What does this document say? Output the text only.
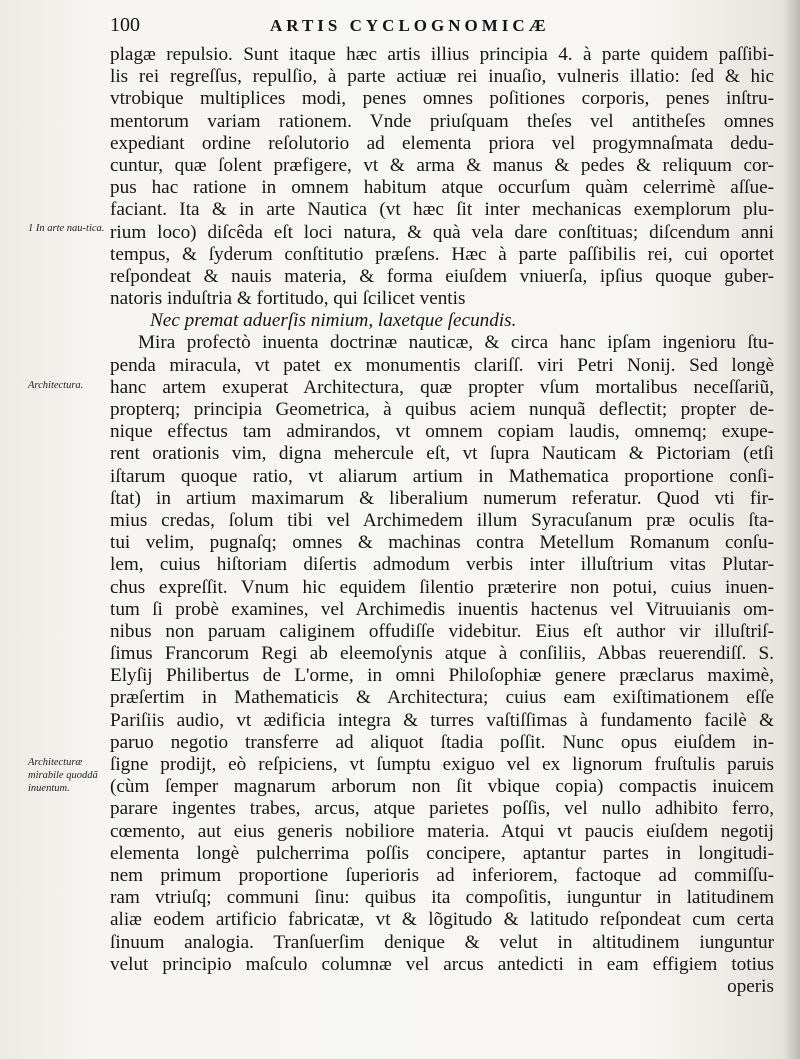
100	ARTIS CYCLOGNOMICÆ
1 In arte nau-tica.
Architectura.
Architecturæ mirabile quoddã inuentum.
plagæ repulsio. Sunt itaque hæc artis illius principia 4. à parte quidem paſſibi-
lis rei regreſſus, repulſio, à parte actiuæ rei inuaſio, vulneris illatio: ſed & hic
vtrobique multiplices modi, penes omnes poſitiones corporis, penes inſtru-
mentorum variam rationem. Vnde priuſquam theſes vel antitheſes omnes
expediant ordine reſolutorio ad elementa priora vel progymnaſmata dedu-
cuntur, quæ ſolent præfigere, vt & arma & manus & pedes & reliquum cor-
pus hac ratione in omnem habitum atque occurſum quàm celerrimè aſſue-
faciant. Ita & in arte Nautica (vt hæc ſit inter mechanicas exemplorum plu-
rium loco) diſcêda eſt loci natura, & quà vela dare conſtituas; diſcendum anni
tempus, & ſyderum conſtitutio præſens. Hæc à parte paſſibilis rei, cui oportet
reſpondeat & nauis materia, & forma eiuſdem vniuerſa, ipſius quoque guber-
natoris induſtria & fortitudo, qui ſcilicet ventis
Nec premat aduerſis nimium, laxetque ſecundis.
Mira profectò inuenta doctrinæ nauticæ, & circa hanc ipſam ingenioru ſtu-
penda miracula, vt patet ex monumentis clariſſ. viri Petri Nonij. Sed longè
hanc artem exuperat Architectura, quæ propter vſum mortalibus neceſſariũ,
propterq; principia Geometrica, à quibus aciem nunquã deflectit; propter de-
nique effectus tam admirandos, vt omnem copiam laudis, omnemq; exupe-
rent orationis vim, digna mehercule eſt, vt ſupra Nauticam & Pictoriam (etſi
iſtarum quoque ratio, vt aliarum artium in Mathematica proportione conſi-
ſtat) in artium maximarum & liberalium numerum referatur. Quod vti fir-
mius credas, ſolum tibi vel Archimedem illum Syracuſanum præ oculis ſta-
tui velim, pugnaſq; omnes & machinas contra Metellum Romanum conſu-
lem, cuius hiſtoriam diſertis admodum verbis inter illuſtrium vitas Plutar-
chus expreſſit. Vnum hic equidem ſilentio præterire non potui, cuius inuen-
tum ſi probè examines, vel Archimedis inuentis hactenus vel Vitruuianis om-
nibus non paruam caliginem offudiſſe videbitur. Eius eſt author vir illuſtriſ-
ſimus Francorum Regi ab eleemoſynis atque à conſiliis, Abbas reuerendiſſ. S.
Elyſij Philibertus de L'orme, in omni Philoſophiæ genere præclarus maximè,
præſertim in Mathematicis & Architectura; cuius eam exiſtimationem eſſe
Pariſiis audio, vt ædificia integra & turres vaſtiſſimas à fundamento facilè &
paruo negotio transferre ad aliquot ſtadia poſſit. Nunc opus eiuſdem in-
ſigne prodijt, eò reſpiciens, vt ſumptu exiguo vel ex lignorum fruſtulis paruis
(cùm ſemper magnarum arborum non ſit vbique copia) compactis inuicem
parare ingentes trabes, arcus, atque parietes poſſis, vel nullo adhibito ferro,
cœmento, aut eius generis nobiliore materia. Atqui vt paucis eiuſdem negotij
elementa longè pulcherrima poſſis concipere, aptantur partes in longitudi-
nem primum proportione ſuperioris ad inferiorem, factoque ad commiſſu-
ram vtriuſq; communi ſinu: quibus ita compoſitis, iunguntur in latitudinem
aliæ eodem artificio fabricatæ, vt & lõgitudo & latitudo reſpondeat cum certa
ſinuum analogia. Tranſuerſim denique & velut in altitudinem iunguntur
velut principio maſculo columnæ vel arcus antedicti in eam effigiem totius
operis
